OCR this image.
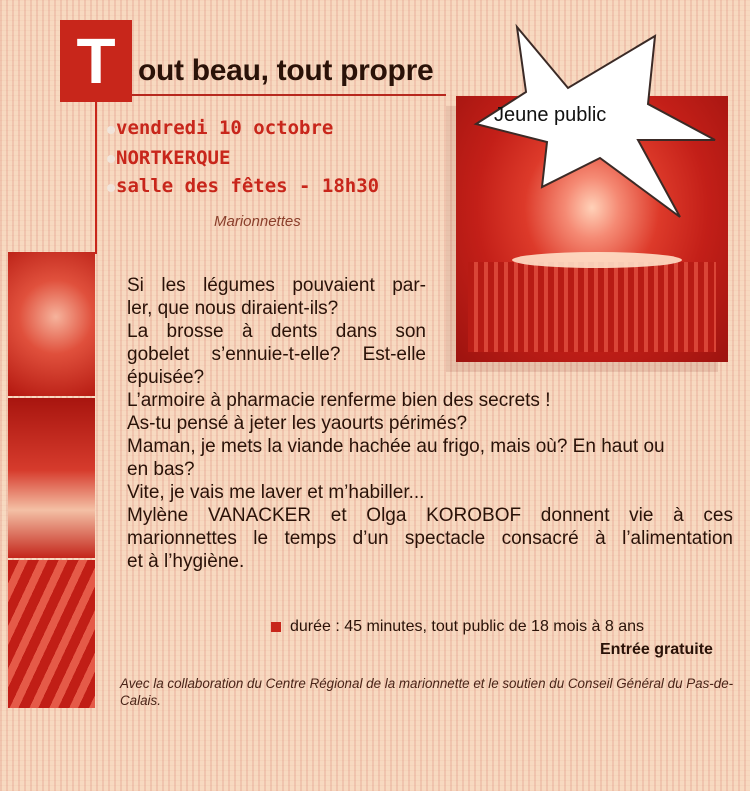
T out beau, tout propre
vendredi 10 octobre
NORTKERQUE
salle des fêtes - 18h30
Marionnettes
Jeune public
Si les légumes pouvaient par-
ler, que nous diraient-ils?
La brosse à dents dans son
gobelet s’ennuie-t-elle? Est-elle
épuisée?
L’armoire à pharmacie renferme bien des secrets !
As-tu pensé à jeter les yaourts périmés?
Maman, je mets la viande hachée au frigo, mais où? En haut ou
en bas?
Vite, je vais me laver et m’habiller...
Mylène VANACKER et Olga KOROBOF donnent vie à ces
marionnettes le temps d’un spectacle consacré à l’alimentation
et à l’hygiène.
durée : 45 minutes, tout public de 18 mois à 8 ans
Entrée gratuite
Avec la collaboration du Centre Régional de la marionnette et le soutien du Conseil Général du Pas-de-Calais.
